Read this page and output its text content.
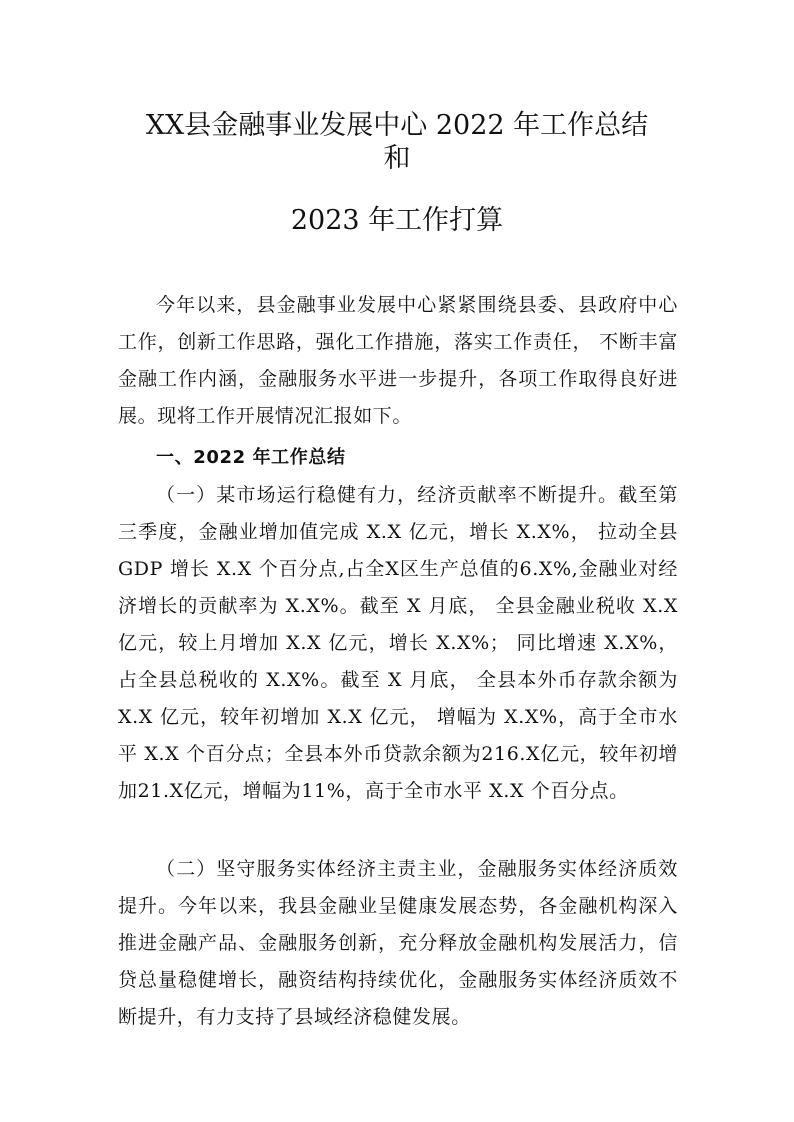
XX县金融事业发展中心 2022 年工作总结
和
2023 年工作打算

今年以来，县金融事业发展中心紧紧围绕县委、县政府中心工作，创新工作思路，强化工作措施，落实工作责任， 不断丰富金融工作内涵，金融服务水平进一步提升，各项工作取得良好进展。现将工作开展情况汇报如下。

一、2022 年工作总结

（一）某市场运行稳健有力，经济贡献率不断提升。截至第三季度，金融业增加值完成 X.X 亿元，增长 X.X%， 拉动全县 GDP 增长 X.X 个百分点,占全X区生产总值的6.X%,金融业对经济增长的贡献率为 X.X%。截至 X 月底， 全县金融业税收 X.X 亿元，较上月增加 X.X 亿元，增长 X.X%； 同比增速 X.X%，占全县总税收的 X.X%。截至 X 月底， 全县本外币存款余额为 X.X 亿元，较年初增加 X.X 亿元， 增幅为 X.X%，高于全市水平 X.X 个百分点；全县本外币贷款余额为216.X亿元，较年初增加21.X亿元，增幅为11%，高于全市水平 X.X 个百分点。

（二）坚守服务实体经济主责主业，金融服务实体经济质效提升。今年以来，我县金融业呈健康发展态势，各金融机构深入推进金融产品、金融服务创新，充分释放金融机构发展活力，信贷总量稳健增长，融资结构持续优化，金融服务实体经济质效不断提升，有力支持了县域经济稳健发展。
